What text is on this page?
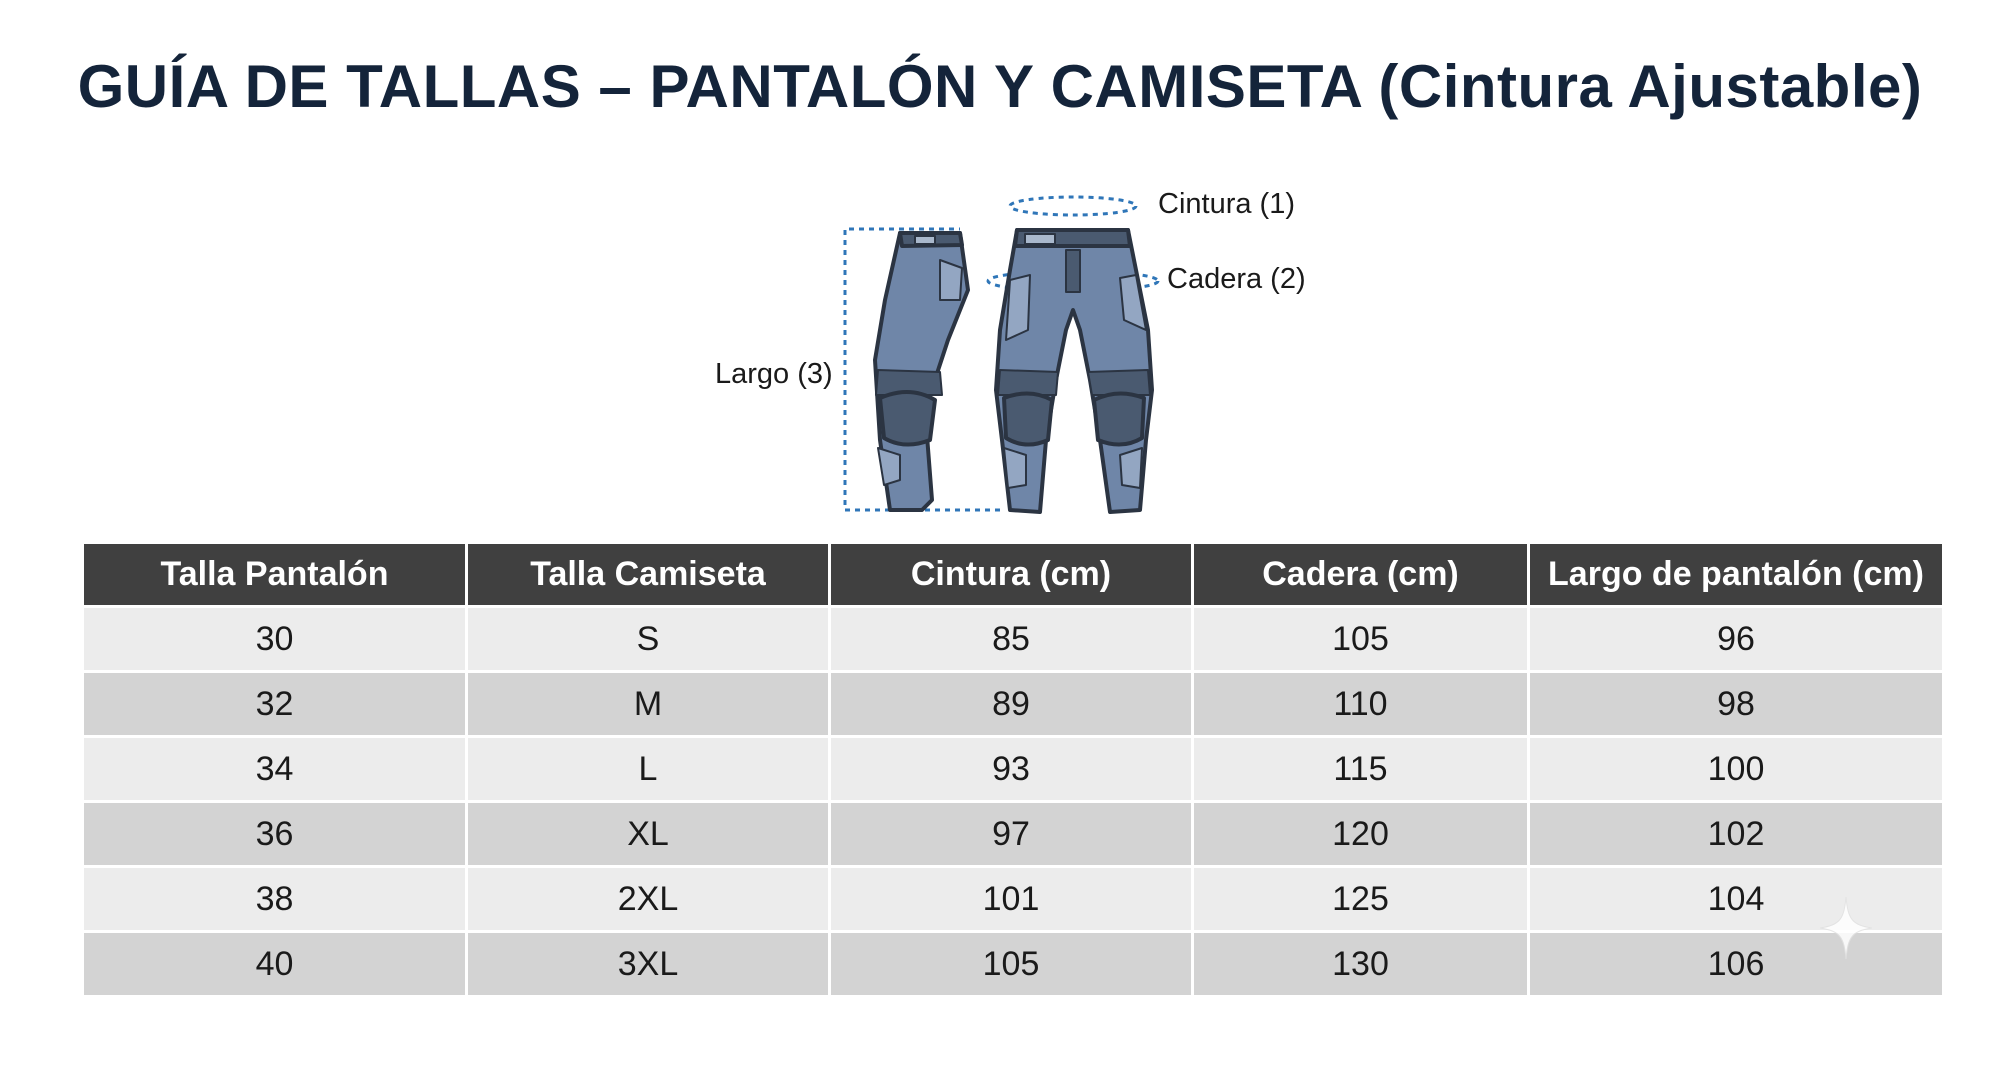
GUÍA DE TALLAS – PANTALÓN Y CAMISETA (Cintura Ajustable)
Cintura (1)
Cadera (2)
Largo (3)
Talla Pantalón	Talla Camiseta	Cintura (cm)	Cadera (cm)	Largo de pantalón (cm)
30	S	85	105	96
32	M	89	110	98
34	L	93	115	100
36	XL	97	120	102
38	2XL	101	125	104
40	3XL	105	130	106
